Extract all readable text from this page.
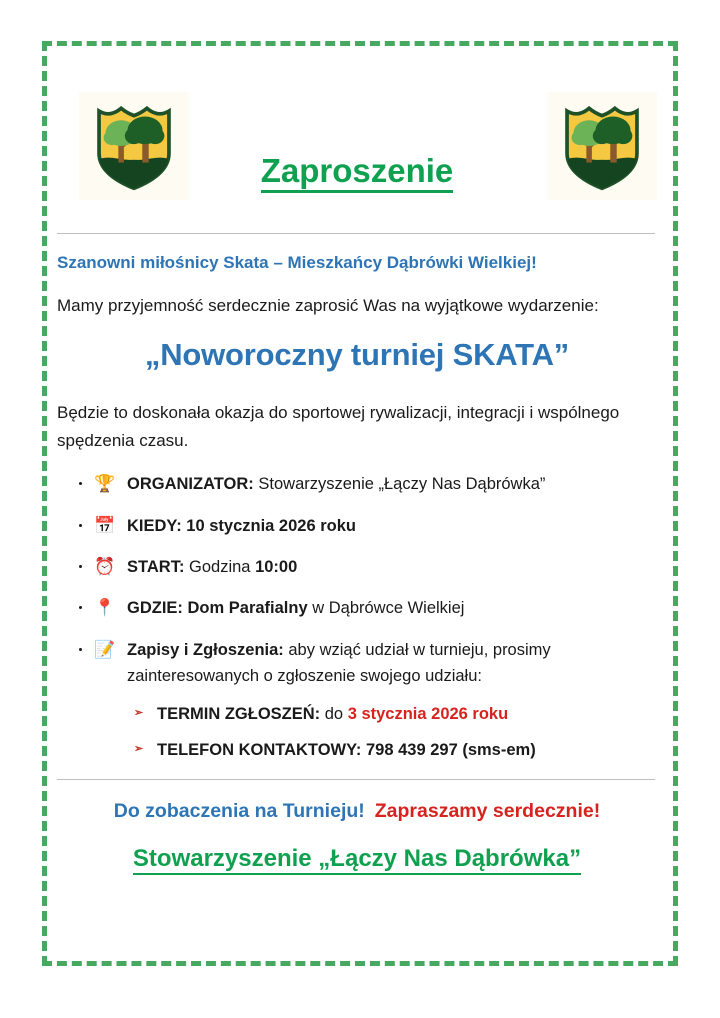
Zaproszenie

Szanowni miłośnicy Skata – Mieszkańcy Dąbrówki Wielkiej!

Mamy przyjemność serdecznie zaprosić Was na wyjątkowe wydarzenie:

„Noworoczny turniej SKATA”

Będzie to doskonała okazja do sportowej rywalizacji, integracji i wspólnego spędzenia czasu.

🏆 ORGANIZATOR: Stowarzyszenie „Łączy Nas Dąbrówka”
📅 KIEDY: 10 stycznia 2026 roku
⏰ START: Godzina 10:00
📍 GDZIE: Dom Parafialny w Dąbrówce Wielkiej
📝 Zapisy i Zgłoszenia: aby wziąć udział w turnieju, prosimy zainteresowanych o zgłoszenie swojego udziału:
➢ TERMIN ZGŁOSZEŃ: do 3 stycznia 2026 roku
➢ TELEFON KONTAKTOWY: 798 439 297 (sms-em)

Do zobaczenia na Turnieju! Zapraszamy serdecznie!

Stowarzyszenie „Łączy Nas Dąbrówka”
